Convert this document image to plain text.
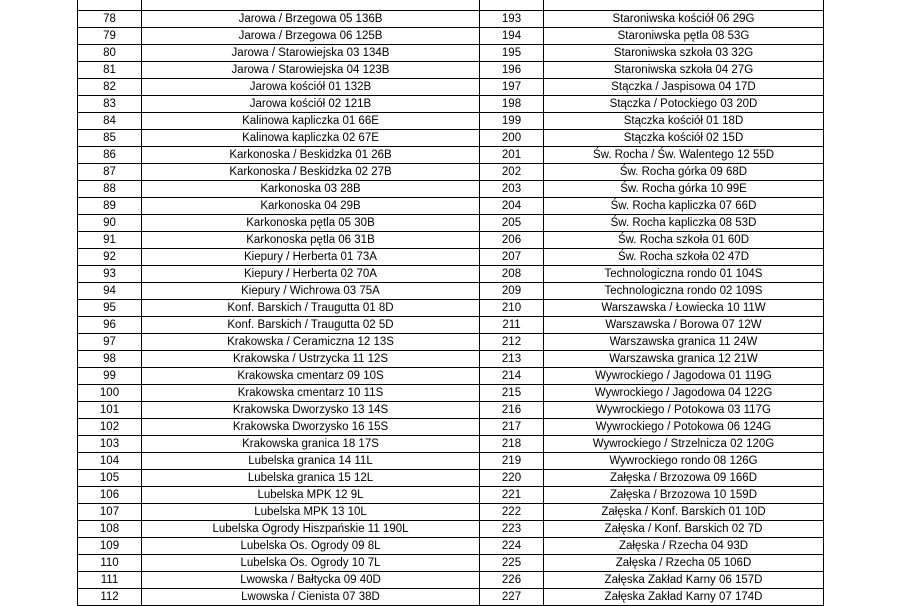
78	Jarowa / Brzegowa 05 136B	193	Staroniwska kościół 06 29G
79	Jarowa / Brzegowa 06 125B	194	Staroniwska pętla 08 53G
80	Jarowa / Starowiejska 03 134B	195	Staroniwska szkoła 03 32G
81	Jarowa / Starowiejska 04 123B	196	Staroniwska szkoła 04 27G
82	Jarowa kościół 01 132B	197	Stączka / Jaspisowa 04 17D
83	Jarowa kościół 02 121B	198	Stączka / Potockiego 03 20D
84	Kalinowa kapliczka 01 66E	199	Stączka kościół 01 18D
85	Kalinowa kapliczka 02 67E	200	Stączka kościół 02 15D
86	Karkonoska / Beskidzka 01 26B	201	Św. Rocha / Św. Walentego 12 55D
87	Karkonoska / Beskidzka 02 27B	202	Św. Rocha górka 09 68D
88	Karkonoska 03 28B	203	Św. Rocha górka 10 99E
89	Karkonoska 04 29B	204	Św. Rocha kapliczka 07 66D
90	Karkonoska pętla 05 30B	205	Św. Rocha kapliczka 08 53D
91	Karkonoska pętla 06 31B	206	Św. Rocha szkoła 01 60D
92	Kiepury / Herberta 01 73A	207	Św. Rocha szkoła 02 47D
93	Kiepury / Herberta 02 70A	208	Technologiczna rondo 01 104S
94	Kiepury / Wichrowa 03 75A	209	Technologiczna rondo 02 109S
95	Konf. Barskich / Traugutta 01 8D	210	Warszawska / Łowiecka 10 11W
96	Konf. Barskich / Traugutta 02 5D	211	Warszawska / Borowa 07 12W
97	Krakowska / Ceramiczna 12 13S	212	Warszawska granica 11 24W
98	Krakowska / Ustrzycka 11 12S	213	Warszawska granica 12 21W
99	Krakowska cmentarz 09 10S	214	Wywrockiego / Jagodowa 01 119G
100	Krakowska cmentarz 10 11S	215	Wywrockiego / Jagodowa 04 122G
101	Krakowska Dworzysko 13 14S	216	Wywrockiego / Potokowa 03 117G
102	Krakowska Dworzysko 16 15S	217	Wywrockiego / Potokowa 06 124G
103	Krakowska granica 18 17S	218	Wywrockiego / Strzelnicza 02 120G
104	Lubelska granica 14 11L	219	Wywrockiego rondo 08 126G
105	Lubelska granica 15 12L	220	Załęska / Brzozowa 09 166D
106	Lubelska MPK 12 9L	221	Załęska / Brzozowa 10 159D
107	Lubelska MPK 13 10L	222	Załęska / Konf. Barskich 01 10D
108	Lubelska Ogrody Hiszpańskie 11 190L	223	Załęska / Konf. Barskich 02 7D
109	Lubelska Os. Ogrody 09 8L	224	Załęska / Rzecha 04 93D
110	Lubelska Os. Ogrody 10 7L	225	Załęska / Rzecha 05 106D
111	Lwowska / Bałtycka 09 40D	226	Załęska Zakład Karny 06 157D
112	Lwowska / Cienista 07 38D	227	Załęska Zakład Karny 07 174D
